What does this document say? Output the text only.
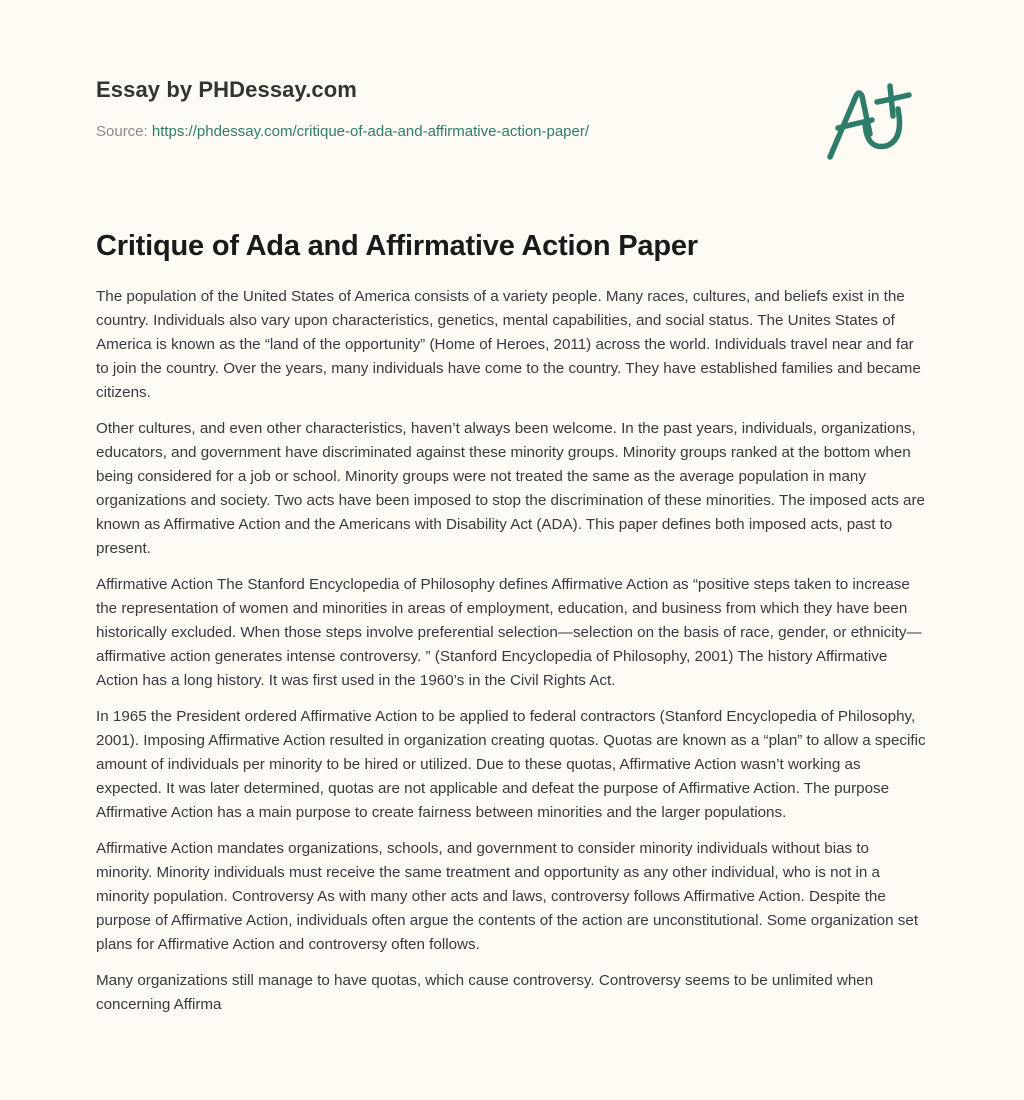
Essay by PHDessay.com
Source: https://phdessay.com/critique-of-ada-and-affirmative-action-paper/
Critique of Ada and Affirmative Action Paper

The population of the United States of America consists of a variety people. Many races, cultures, and beliefs exist in the country. Individuals also vary upon characteristics, genetics, mental capabilities, and social status. The Unites States of America is known as the “land of the opportunity” (Home of Heroes, 2011) across the world. Individuals travel near and far to join the country. Over the years, many individuals have come to the country. They have established families and became citizens.

Other cultures, and even other characteristics, haven’t always been welcome. In the past years, individuals, organizations, educators, and government have discriminated against these minority groups. Minority groups ranked at the bottom when being considered for a job or school. Minority groups were not treated the same as the average population in many organizations and society. Two acts have been imposed to stop the discrimination of these minorities. The imposed acts are known as Affirmative Action and the Americans with Disability Act (ADA). This paper defines both imposed acts, past to present.

Affirmative Action The Stanford Encyclopedia of Philosophy defines Affirmative Action as “positive steps taken to increase the representation of women and minorities in areas of employment, education, and business from which they have been historically excluded. When those steps involve preferential selection—selection on the basis of race, gender, or ethnicity—affirmative action generates intense controversy. ” (Stanford Encyclopedia of Philosophy, 2001) The history Affirmative Action has a long history. It was first used in the 1960’s in the Civil Rights Act.

In 1965 the President ordered Affirmative Action to be applied to federal contractors (Stanford Encyclopedia of Philosophy, 2001). Imposing Affirmative Action resulted in organization creating quotas. Quotas are known as a “plan” to allow a specific amount of individuals per minority to be hired or utilized. Due to these quotas, Affirmative Action wasn’t working as expected. It was later determined, quotas are not applicable and defeat the purpose of Affirmative Action. The purpose Affirmative Action has a main purpose to create fairness between minorities and the larger populations.

Affirmative Action mandates organizations, schools, and government to consider minority individuals without bias to minority. Minority individuals must receive the same treatment and opportunity as any other individual, who is not in a minority population. Controversy As with many other acts and laws, controversy follows Affirmative Action. Despite the purpose of Affirmative Action, individuals often argue the contents of the action are unconstitutional. Some organization set plans for Affirmative Action and controversy often follows.

Many organizations still manage to have quotas, which cause controversy. Controversy seems to be unlimited when concerning Affirma
